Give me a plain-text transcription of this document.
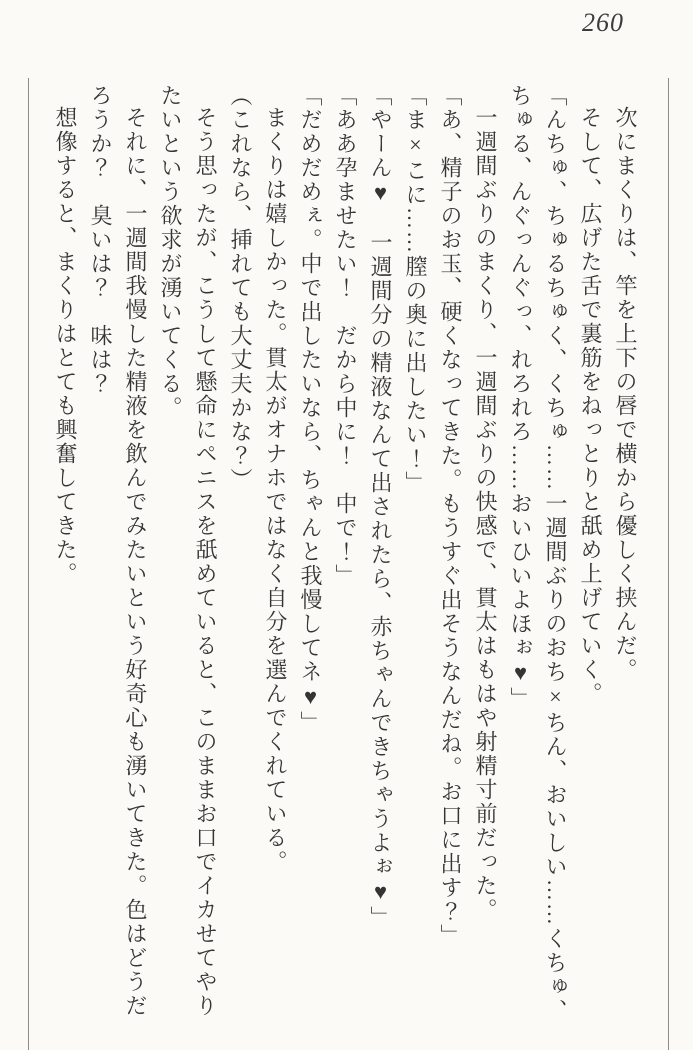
260

次にまくりは、竿を上下の唇で横から優しく挟んだ。

そして、広げた舌で裏筋をねっとりと舐め上げていく。

「んちゅ、ちゅるちゅく、くちゅ……一週間ぶりのおち×ちん、おいしい……くちゅ、ちゅる、んぐっんぐっ、れろれろ……おいひいよほぉ♥」

一週間ぶりのまくり、一週間ぶりの快感で、貫太はもはや射精寸前だった。

「あ、精子のお玉、硬くなってきた。もうすぐ出そうなんだね。お口に出す？」

「ま×こに……膣の奥に出したい！」

「やーん♥　一週間分の精液なんて出されたら、赤ちゃんできちゃうよぉ♥」

「ああ孕ませたい！　だから中に！　中で！」

「だめだめぇ。中で出したいなら、ちゃんと我慢してネ♥」

まくりは嬉しかった。貫太がオナホではなく自分を選んでくれている。

（これなら、挿れても大丈夫かな？）

そう思ったが、こうして懸命にペニスを舐めていると、このままお口でイカせてやりたいという欲求が湧いてくる。

それに、一週間我慢した精液を飲んでみたいという好奇心も湧いてきた。色はどうだろうか？　臭いは？　味は？

想像すると、まくりはとても興奮してきた。
